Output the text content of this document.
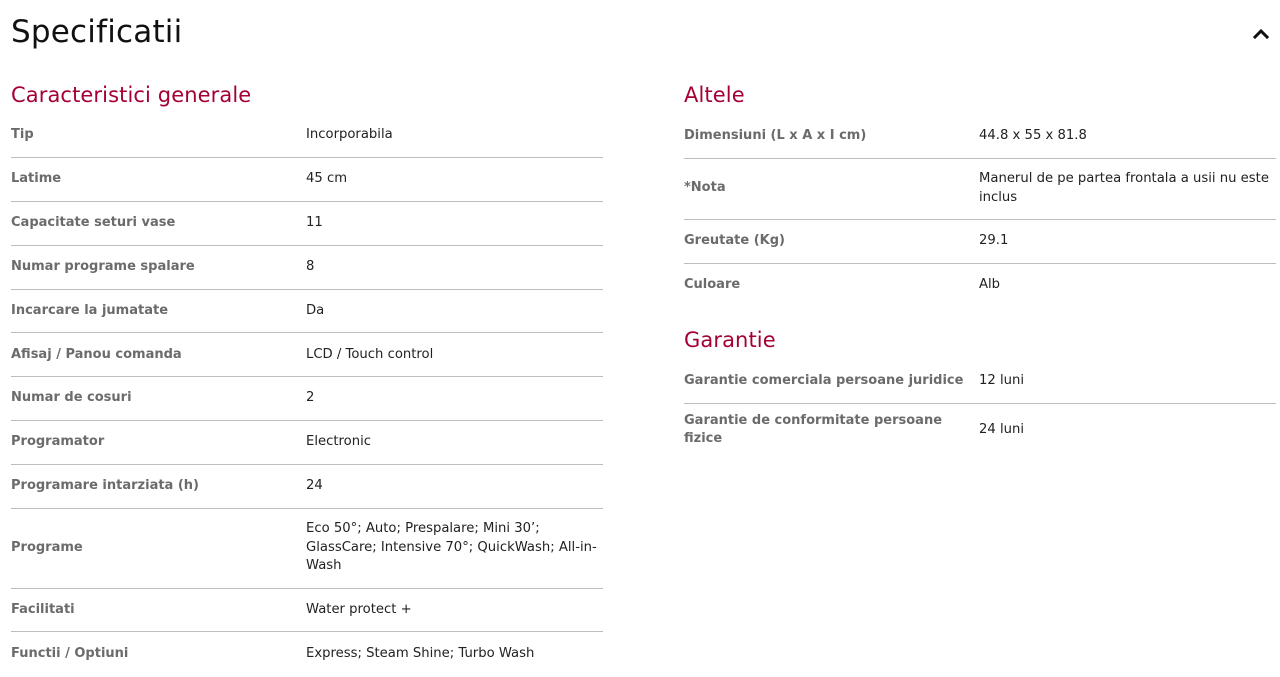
Specificatii
Caracteristici generale
Tip	Incorporabila
Latime	45 cm
Capacitate seturi vase	11
Numar programe spalare	8
Incarcare la jumatate	Da
Afisaj / Panou comanda	LCD / Touch control
Numar de cosuri	2
Programator	Electronic
Programare intarziata (h)	24
Programe	Eco 50°; Auto; Prespalare; Mini 30’; GlassCare; Intensive 70°; QuickWash; All-in-Wash
Facilitati	Water protect +
Functii / Optiuni	Express; Steam Shine; Turbo Wash
Altele
Dimensiuni (L x A x I cm)	44.8 x 55 x 81.8
*Nota	Manerul de pe partea frontala a usii nu este inclus
Greutate (Kg)	29.1
Culoare	Alb
Garantie
Garantie comerciala persoane juridice	12 luni
Garantie de conformitate persoane fizice	24 luni
